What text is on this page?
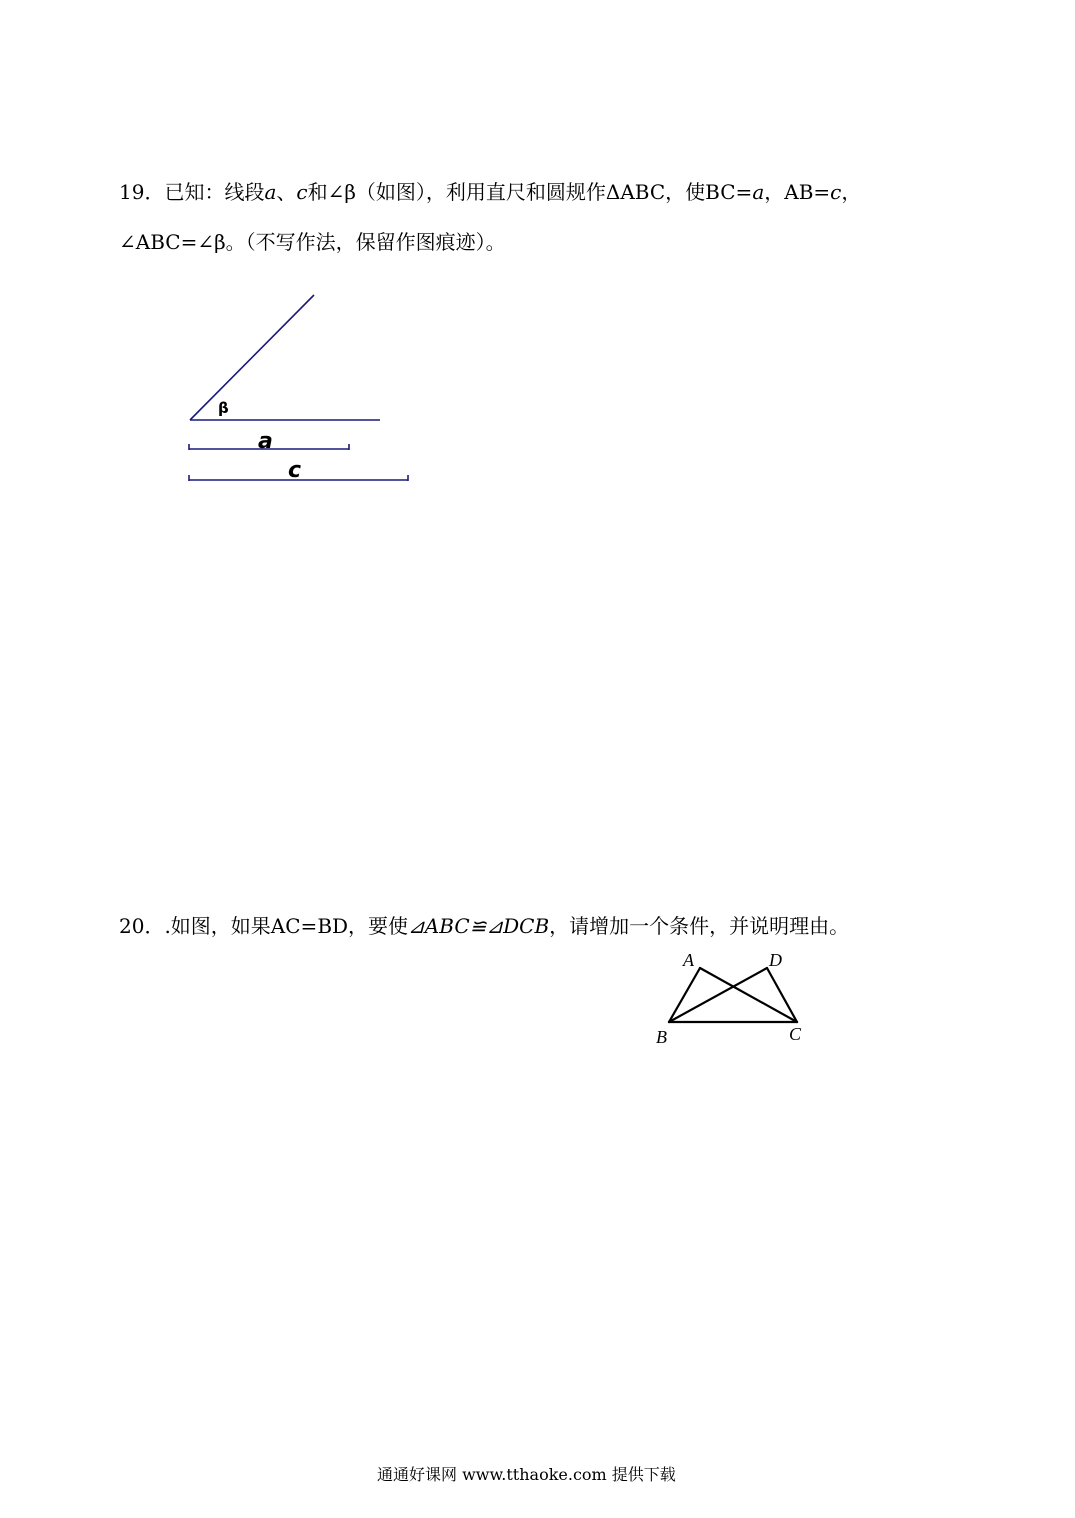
19．已知：线段a、c和∠β（如图），利用直尺和圆规作ΔABC，使BC=a，AB=c，
∠ABC=∠β。（不写作法，保留作图痕迹）。
β
a
c
20．.如图，如果AC=BD，要使⊿ABC≌⊿DCB，请增加一个条件，并说明理由。
A	D
B	C
通通好课网 www.tthaoke.com 提供下载
